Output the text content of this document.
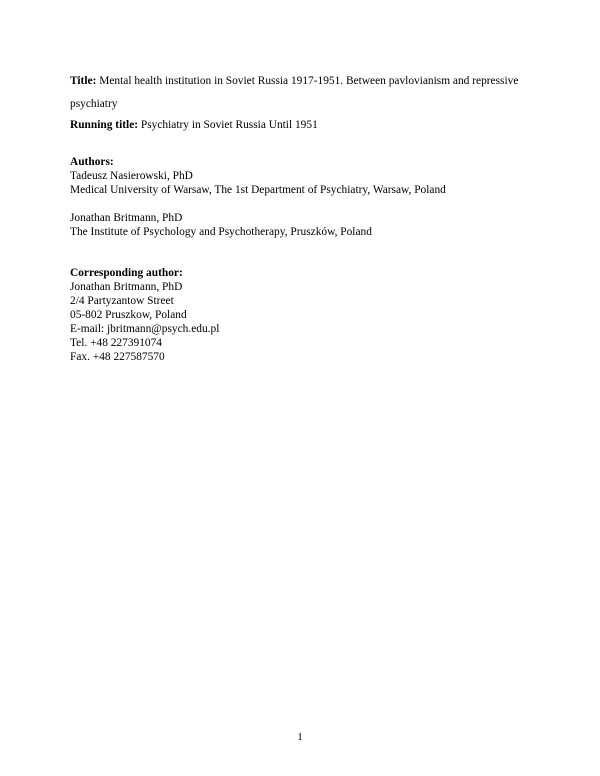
Title: Mental health institution in Soviet Russia 1917-1951. Between pavlovianism and repressive psychiatry
Running title: Psychiatry in Soviet Russia Until 1951
Authors:
Tadeusz Nasierowski, PhD
Medical University of Warsaw, The 1st Department of Psychiatry, Warsaw, Poland
Jonathan Britmann, PhD
The Institute of Psychology and Psychotherapy, Pruszków, Poland
Corresponding author:
Jonathan Britmann, PhD
2/4 Partyzantow Street
05-802 Pruszkow, Poland
E-mail: jbritmann@psych.edu.pl
Tel. +48 227391074
Fax. +48 227587570
1
